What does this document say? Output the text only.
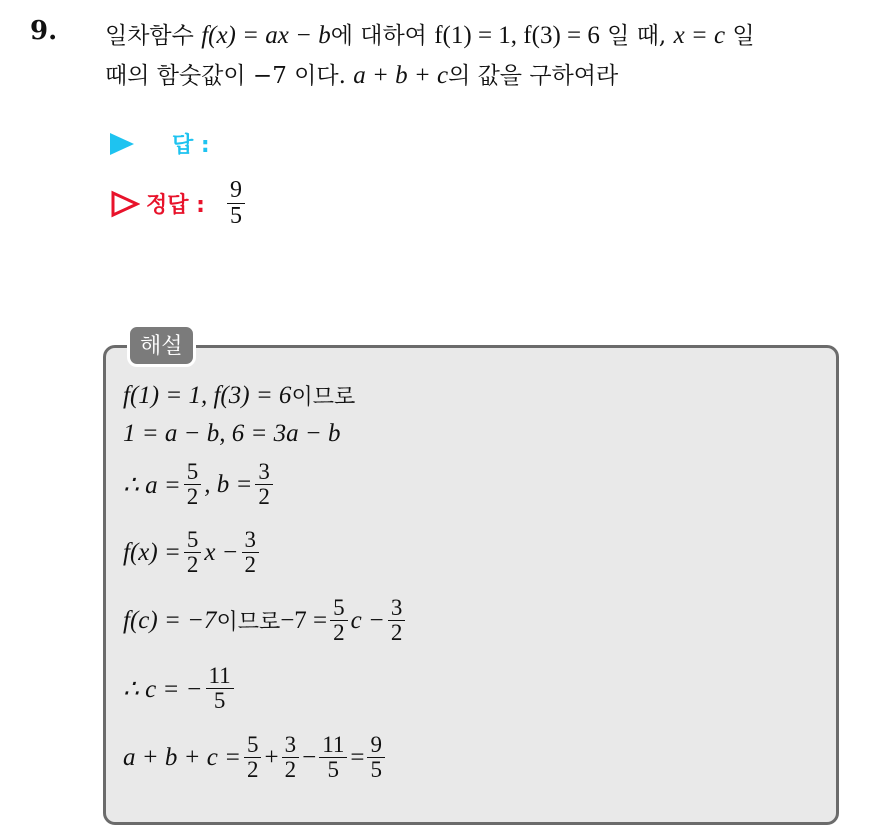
9. 일차함수 f(x) = ax − b에 대하여 f(1) = 1, f(3) = 6 일 때, x = c 일
때의 함숫값이 −7 이다. a + b + c의 값을 구하여라
답 :
정답 : $\frac{9}{5}$
해설
f(1) = 1, f(3) = 6 이므로
1 = a − b, 6 = 3a − b
∴ $a = \frac{5}{2}$ , $b = \frac{3}{2}$
$f(x) = \frac{5}{2}$ $x - \frac{3}{2}$
f(c) = −7 이므로 $-7 = \frac{5}{2}$ $c - \frac{3}{2}$
∴ c = − $\frac{11}{5}$
$a + b + c = \frac{5}{2} + \frac{3}{2} - \frac{11}{5} = \frac{9}{5}$
